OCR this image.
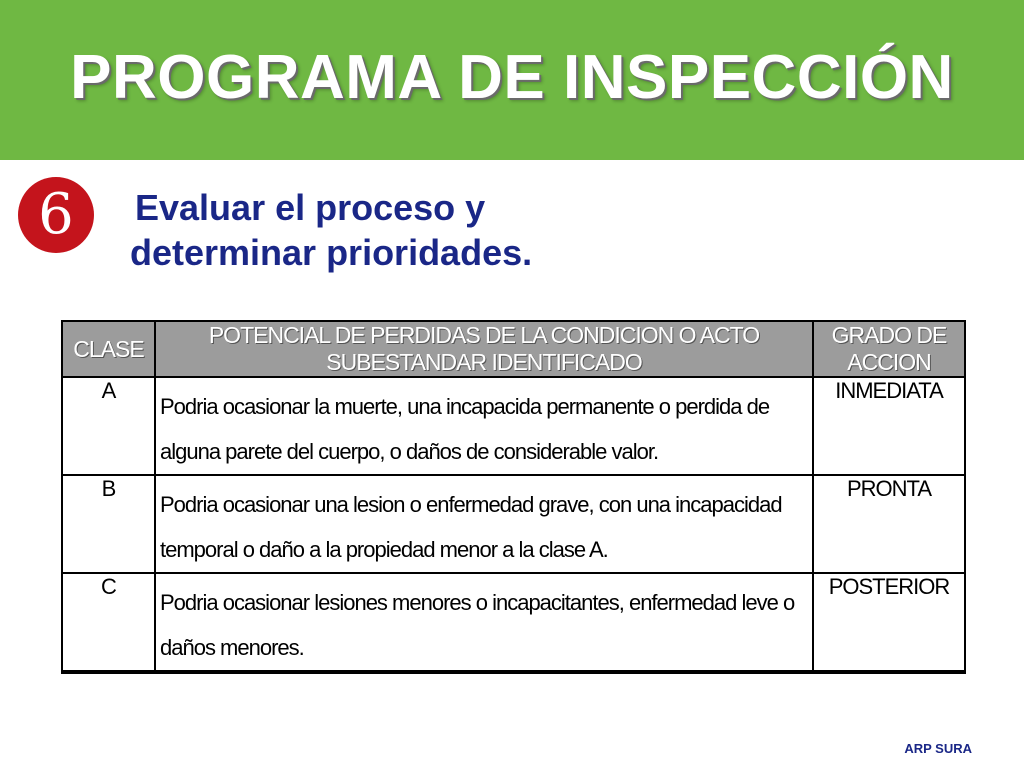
PROGRAMA DE INSPECCIÓN
6	Evaluar el proceso y
determinar prioridades.
CLASE	POTENCIAL DE PERDIDAS DE LA CONDICION O ACTO SUBESTANDAR IDENTIFICADO	GRADO DE ACCION
A	Podria ocasionar la muerte, una incapacida permanente o perdida de alguna parete del cuerpo, o daños de considerable valor.	INMEDIATA
B	Podria ocasionar una lesion o enfermedad grave, con una incapacidad temporal o daño a la propiedad menor a la clase A.	PRONTA
C	Podria ocasionar lesiones menores o incapacitantes, enfermedad leve o daños menores.	POSTERIOR
ARP SURA
